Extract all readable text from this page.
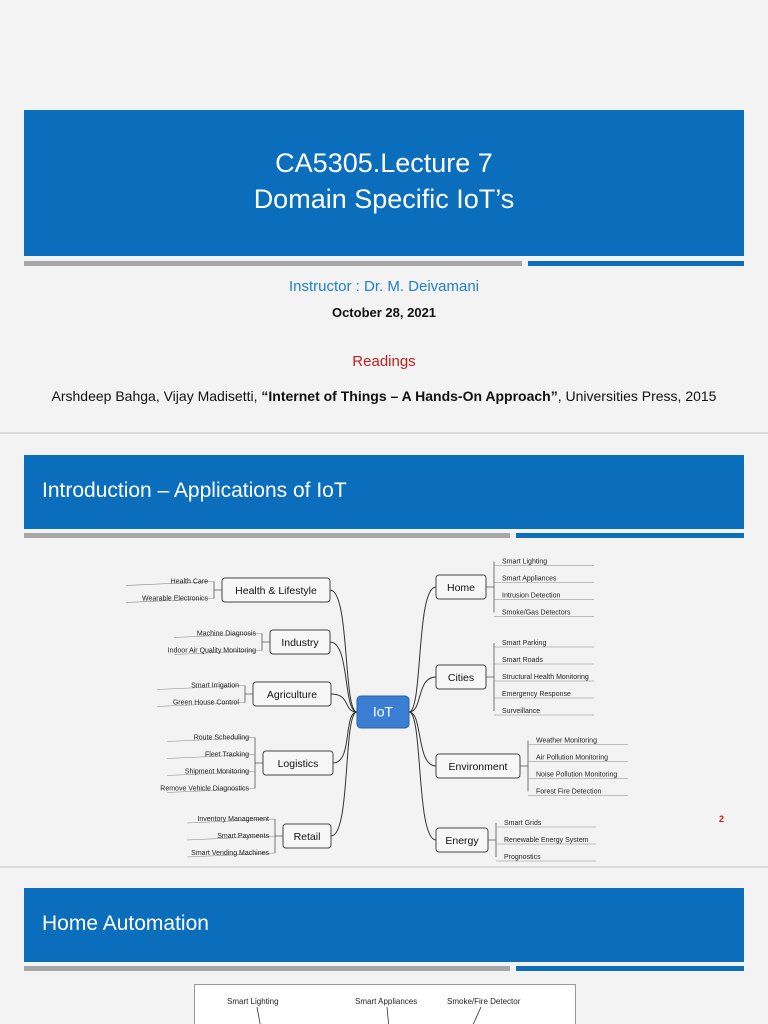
CA5305.Lecture 7
Domain Specific IoT’s
Instructor : Dr. M. Deivamani
October 28, 2021
Readings
Arshdeep Bahga, Vijay Madisetti, “Internet of Things – A Hands-On Approach”, Universities Press, 2015
Introduction – Applications of IoT
Health Care
Wearable Electronics
Health & Lifestyle
Machine Diagnosis
Indoor Air Quality Monitoring
Industry
Smart Irrigation
Green House Control
Agriculture
Route Scheduling
Fleet Tracking
Shipment Monitoring
Remove Vehicle Diagnostics
Logistics
Inventory Management
Smart Payments
Smart Vending Machines
Retail
Smart Lighting
Smart Appliances
Intrusion Detection
Smoke/Gas Detectors
Home
Smart Parking
Smart Roads
Structural Health Monitoring
Emergency Response
Surveillance
Cities
Weather Monitoring
Air Pollution Monitoring
Noise Pollution Monitoring
Forest Fire Detection
Environment
Smart Grids
Renewable Energy System
Prognostics
Energy
IoT
2
Home Automation
Smart Lighting	Smart Appliances	Smoke/Fire Detector
